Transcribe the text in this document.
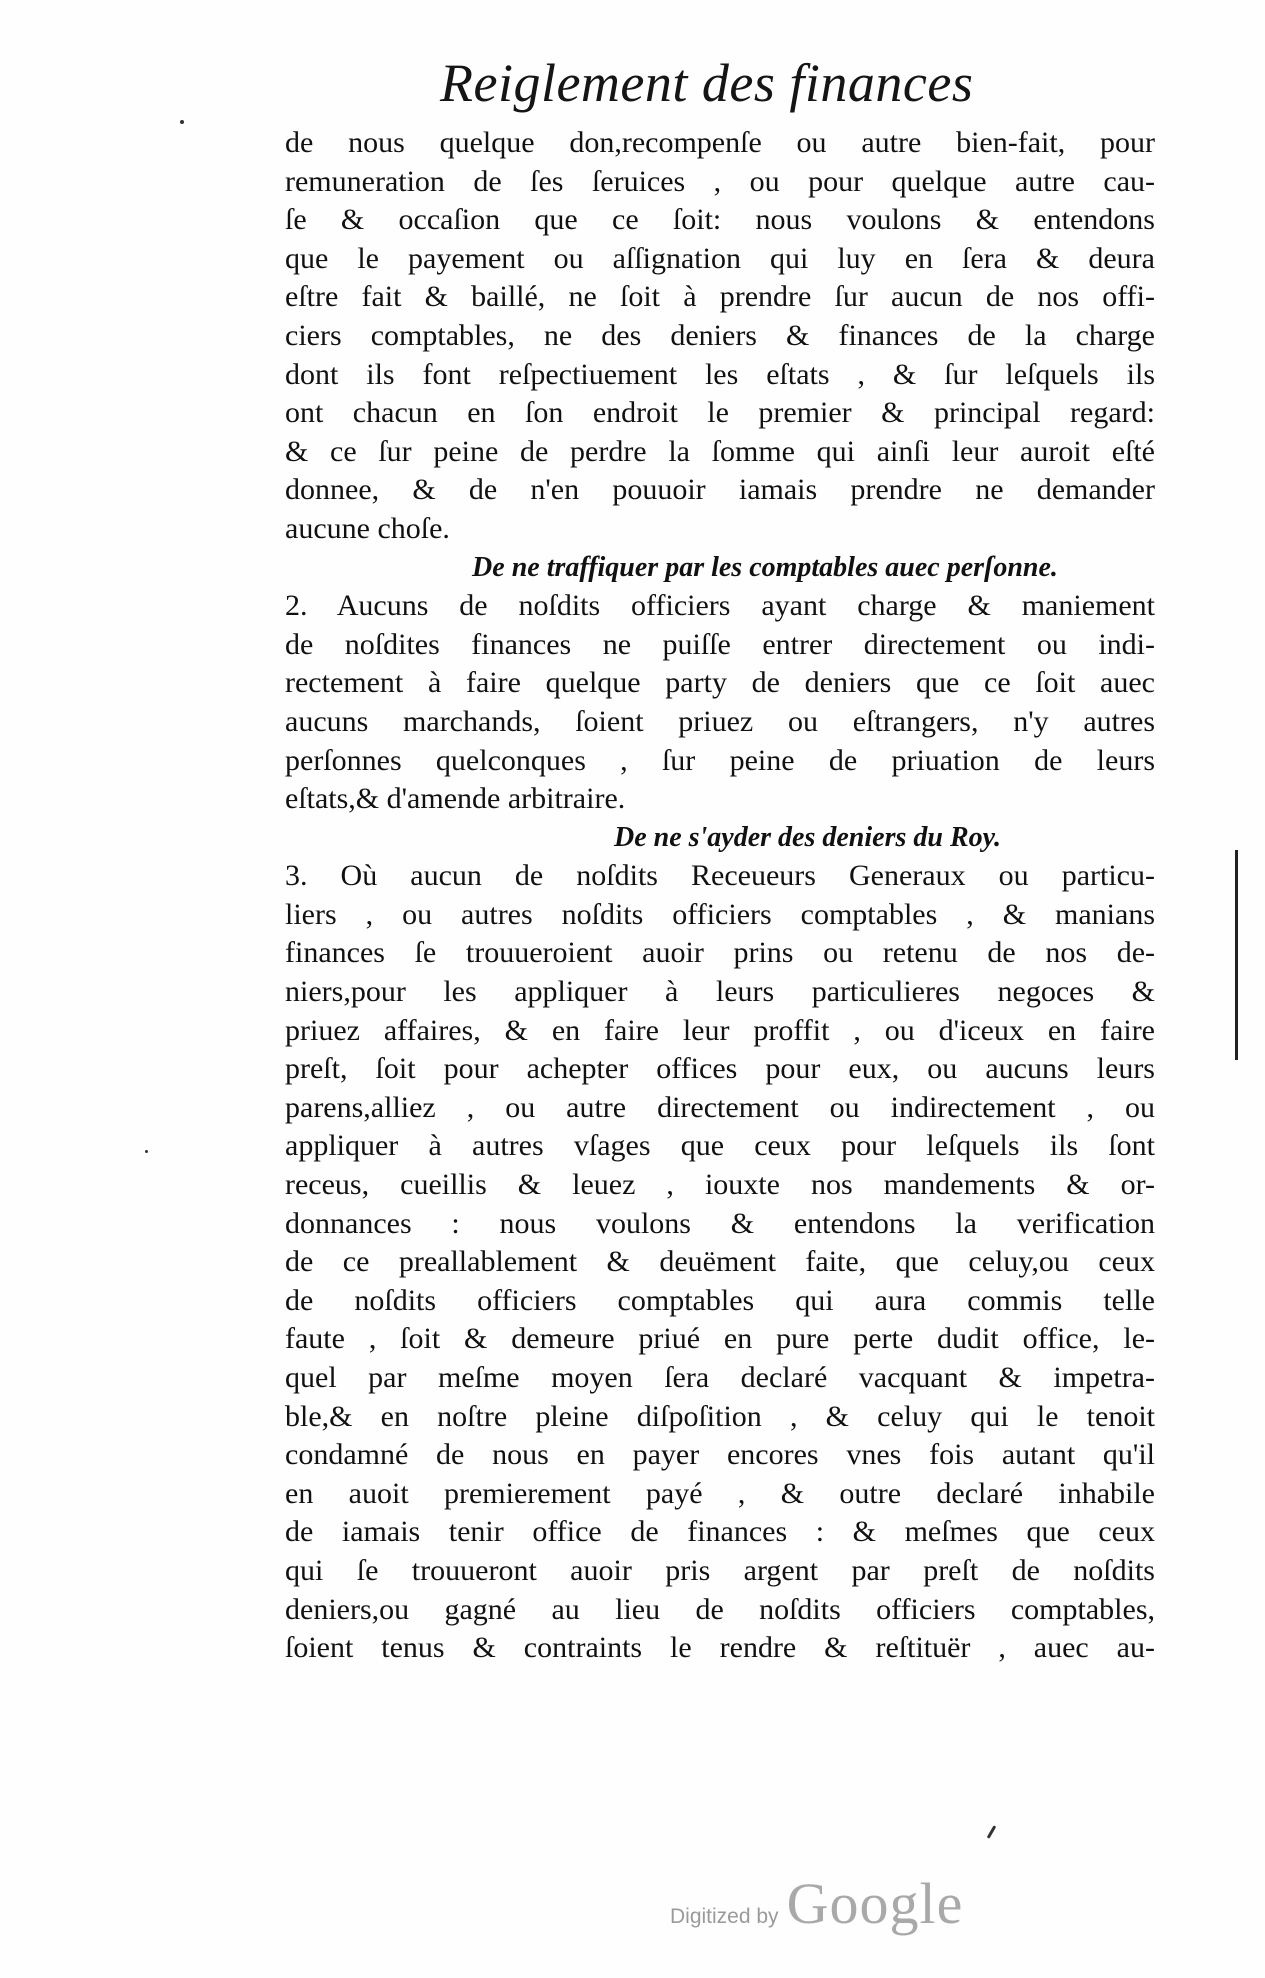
Reiglement des finances
de nous quelque don,recompenſe ou autre bien-fait, pour
remuneration de ſes ſeruices , ou pour quelque autre cau-
ſe & occaſion que ce ſoit: nous voulons & entendons
que le payement ou aſſignation qui luy en ſera & deura
eſtre fait & baillé, ne ſoit à prendre ſur aucun de nos offi-
ciers comptables, ne des deniers & finances de la charge
dont ils font reſpectiuement les eſtats , & ſur leſquels ils
ont chacun en ſon endroit le premier & principal regard:
& ce ſur peine de perdre la ſomme qui ainſi leur auroit eſté
donnee, & de n'en pouuoir iamais prendre ne demander
aucune choſe.
De ne traffiquer par les comptables auec perſonne.
2. Aucuns de noſdits officiers ayant charge & maniement
de noſdites finances ne puiſſe entrer directement ou indi-
rectement à faire quelque party de deniers que ce ſoit auec
aucuns marchands, ſoient priuez ou eſtrangers, n'y autres
perſonnes quelconques , ſur peine de priuation de leurs
eſtats,& d'amende arbitraire.
De ne s'ayder des deniers du Roy.
3. Où aucun de noſdits Receueurs Generaux ou particu-
liers , ou autres noſdits officiers comptables , & manians
finances ſe trouueroient auoir prins ou retenu de nos de-
niers,pour les appliquer à leurs particulieres negoces &
priuez affaires, & en faire leur proffit , ou d'iceux en faire
preſt, ſoit pour achepter offices pour eux, ou aucuns leurs
parens,alliez , ou autre directement ou indirectement , ou
appliquer à autres vſages que ceux pour leſquels ils ſont
receus, cueillis & leuez , iouxte nos mandements & or-
donnances : nous voulons & entendons la verification
de ce preallablement & deuëment faite, que celuy,ou ceux
de noſdits officiers comptables qui aura commis telle
faute , ſoit & demeure priué en pure perte dudit office, le-
quel par meſme moyen ſera declaré vacquant & impetra-
ble,& en noſtre pleine diſpoſition , & celuy qui le tenoit
condamné de nous en payer encores vnes fois autant qu'il
en auoit premierement payé , & outre declaré inhabile
de iamais tenir office de finances : & meſmes que ceux
qui ſe trouueront auoir pris argent par preſt de noſdits
deniers,ou gagné au lieu de noſdits officiers comptables,
ſoient tenus & contraints le rendre & reſtituër , auec au-
Digitized by Google
